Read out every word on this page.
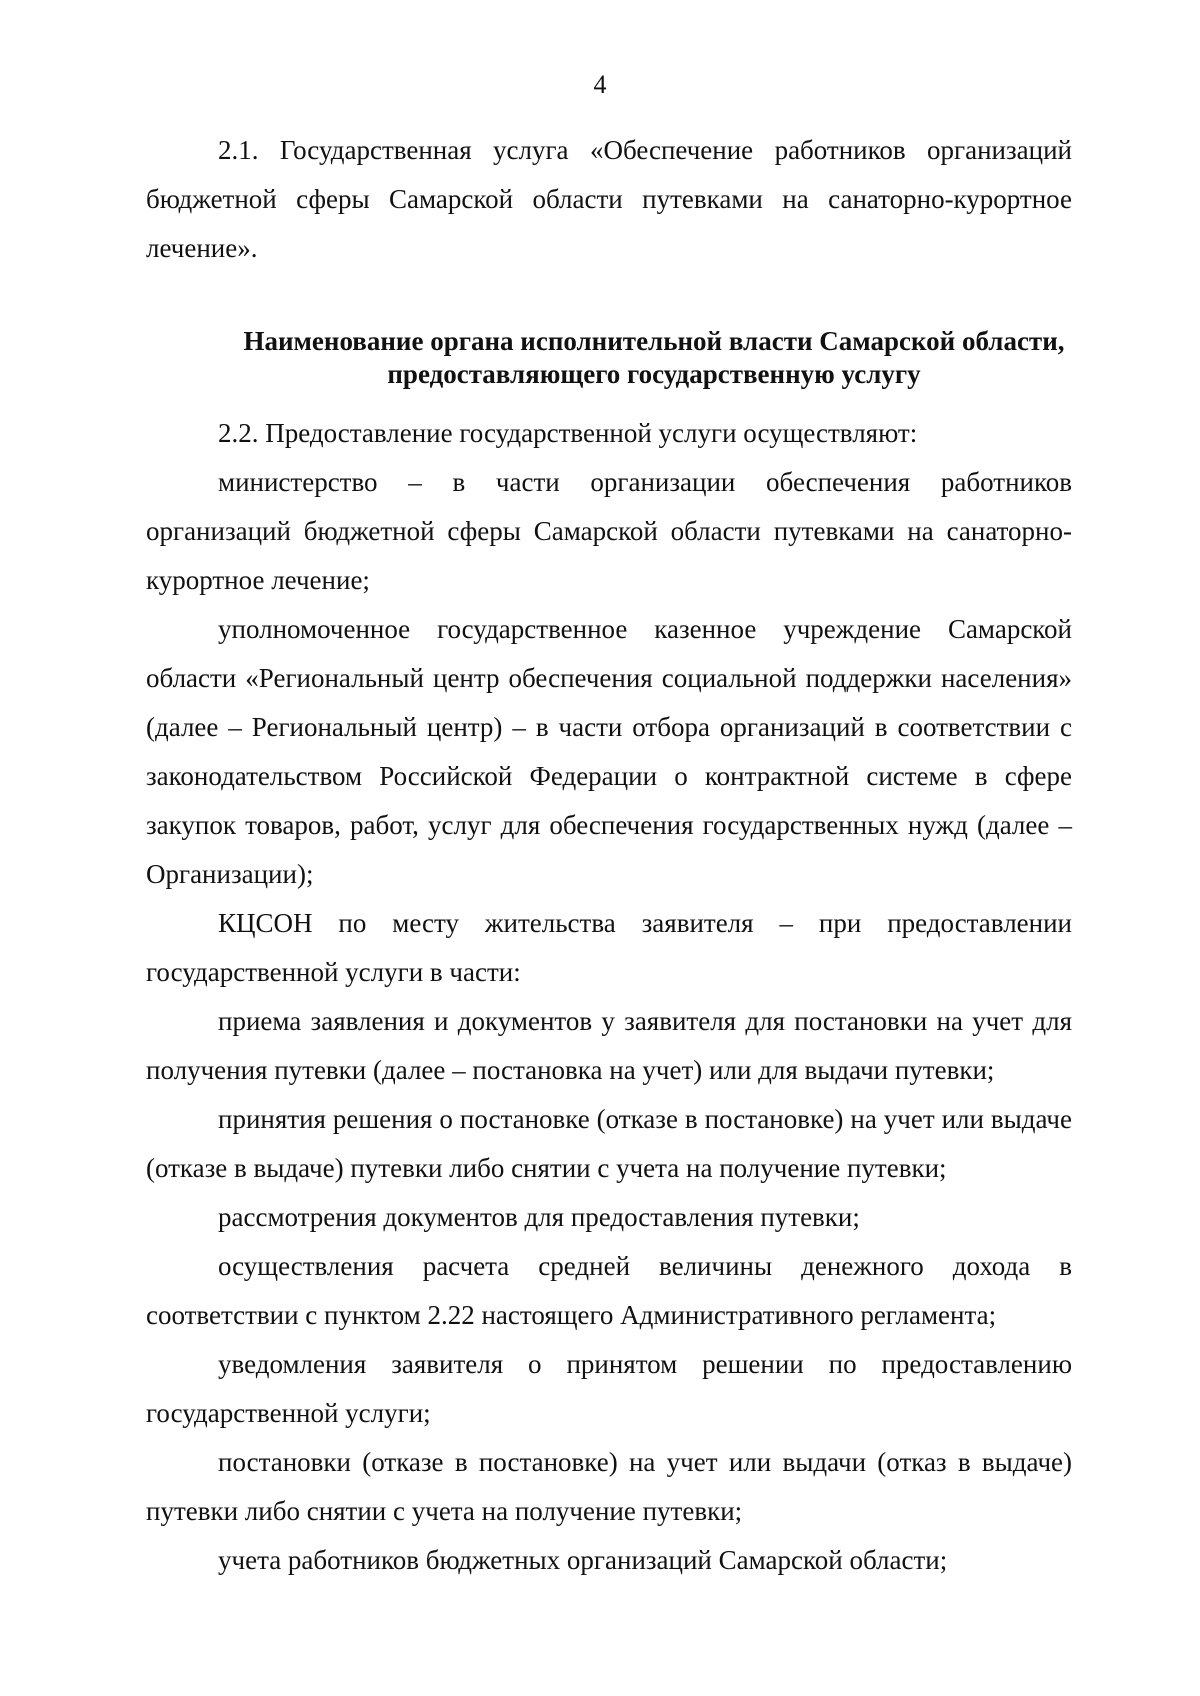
4

2.1. Государственная услуга «Обеспечение работников организаций бюджетной сферы Самарской области путевками на санаторно-курортное лечение».

Наименование органа исполнительной власти Самарской области,
предоставляющего государственную услугу

2.2. Предоставление государственной услуги осуществляют:

министерство – в части организации обеспечения работников организаций бюджетной сферы Самарской области путевками на санаторно-курортное лечение;

уполномоченное государственное казенное учреждение Самарской области «Региональный центр обеспечения социальной поддержки населения» (далее – Региональный центр) – в части отбора организаций в соответствии с законодательством Российской Федерации о контрактной системе в сфере закупок товаров, работ, услуг для обеспечения государственных нужд (далее – Организации);

КЦСОН по месту жительства заявителя – при предоставлении государственной услуги в части:

приема заявления и документов у заявителя для постановки на учет для получения путевки (далее – постановка на учет) или для выдачи путевки;

принятия решения о постановке (отказе в постановке) на учет или выдаче (отказе в выдаче) путевки либо снятии с учета на получение путевки;

рассмотрения документов для предоставления путевки;

осуществления расчета средней величины денежного дохода в соответствии с пунктом 2.22 настоящего Административного регламента;

уведомления заявителя о принятом решении по предоставлению государственной услуги;

постановки (отказе в постановке) на учет или выдачи (отказ в выдаче) путевки либо снятии с учета на получение путевки;

учета работников бюджетных организаций Самарской области;
